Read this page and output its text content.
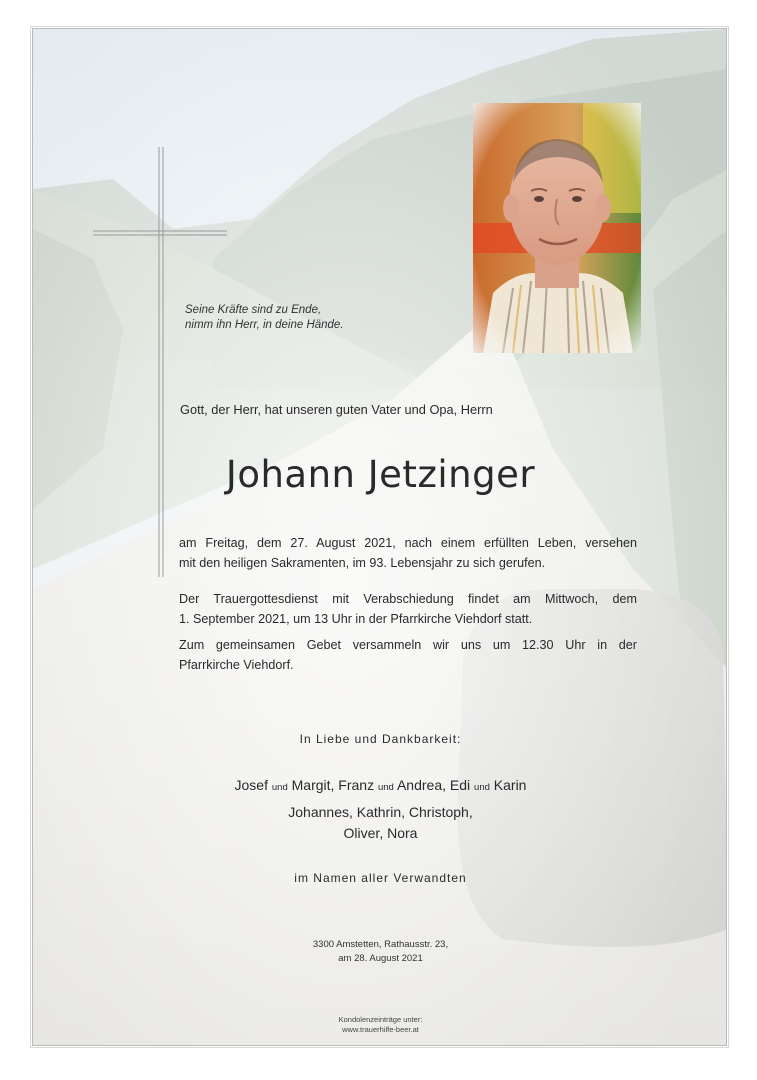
Seine Kräfte sind zu Ende,
nimm ihn Herr, in deine Hände.
Gott, der Herr, hat unseren guten Vater und Opa, Herrn
Johann Jetzinger
am Freitag, dem 27. August 2021, nach einem erfüllten Leben, versehen
mit den heiligen Sakramenten, im 93. Lebensjahr zu sich gerufen.
Der Trauergottesdienst mit Verabschiedung findet am Mittwoch, dem
1. September 2021, um 13 Uhr in der Pfarrkirche Viehdorf statt.
Zum gemeinsamen Gebet versammeln wir uns um 12.30 Uhr in der
Pfarrkirche Viehdorf.
In Liebe und Dankbarkeit:
Josef und Margit, Franz und Andrea, Edi und Karin
Johannes, Kathrin, Christoph,
Oliver, Nora
im Namen aller Verwandten
3300 Amstetten, Rathausstr. 23,
am 28. August 2021
Kondolenzeinträge unter:
www.trauerhilfe-beer.at
